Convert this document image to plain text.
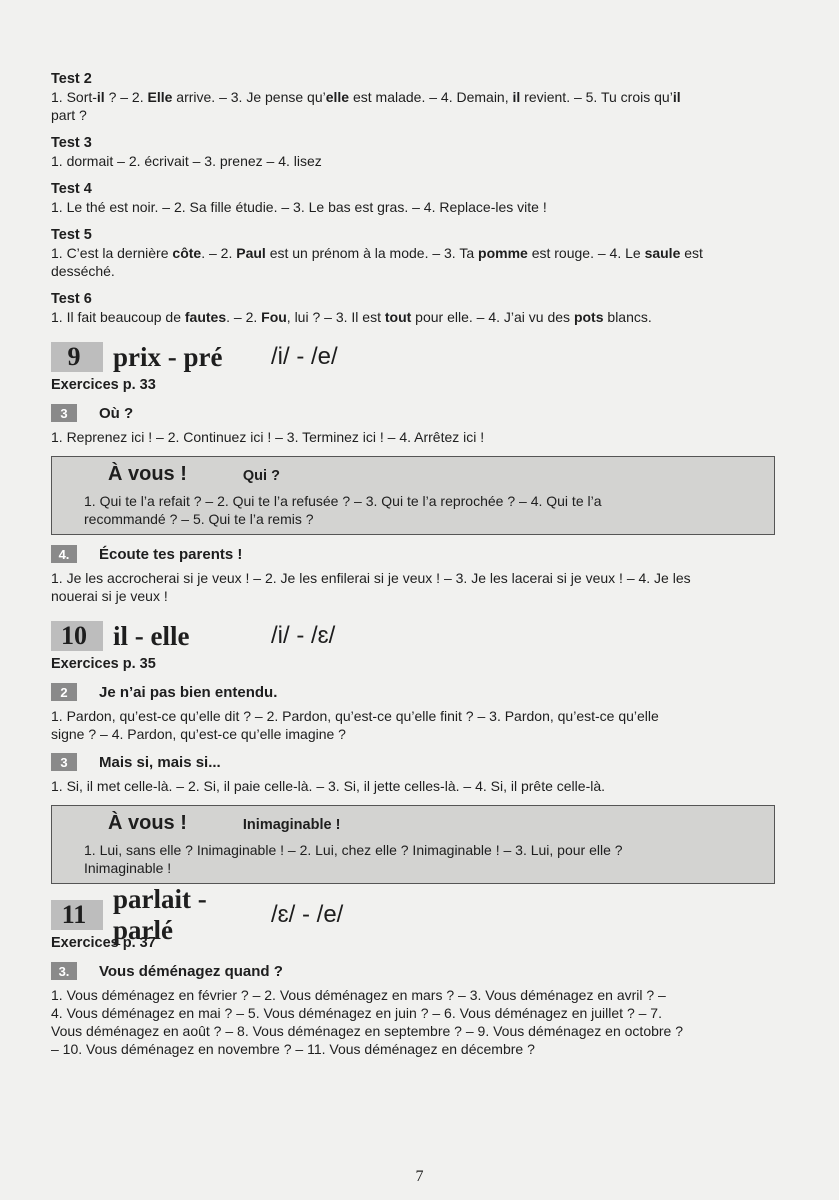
Test 2
1. Sort-il ? – 2. Elle arrive. – 3. Je pense qu’elle est malade. – 4. Demain, il revient. – 5. Tu crois qu’il
part ?
Test 3
1. dormait – 2. écrivait – 3. prenez – 4. lisez
Test 4
1. Le thé est noir. – 2. Sa fille étudie. – 3. Le bas est gras. – 4. Replace-les vite !
Test 5
1. C’est la dernière côte. – 2. Paul est un prénom à la mode. – 3. Ta pomme est rouge. – 4. Le saule est
desséché.
Test 6
1. Il fait beaucoup de fautes. – 2. Fou, lui ? – 3. Il est tout pour elle. – 4. J’ai vu des pots blancs.
9	prix - pré	/i/ - /e/
Exercices p. 33
3	Où ?
1. Reprenez ici ! – 2. Continuez ici ! – 3. Terminez ici ! – 4. Arrêtez ici !
À vous !	Qui ?
1. Qui te l’a refait ? – 2. Qui te l’a refusée ? – 3. Qui te l’a reprochée ? – 4. Qui te l’a
recommandé ? – 5. Qui te l’a remis ?
4.	Écoute tes parents !
1. Je les accrocherai si je veux ! – 2. Je les enfilerai si je veux ! – 3. Je les lacerai si je veux ! – 4. Je les
nouerai si je veux !
10 il - elle	/i/ - /ɛ/
Exercices p. 35
2	Je n’ai pas bien entendu.
1. Pardon, qu’est-ce qu’elle dit ? – 2. Pardon, qu’est-ce qu’elle finit ? – 3. Pardon, qu’est-ce qu’elle
signe ? – 4. Pardon, qu’est-ce qu’elle imagine ?
3	Mais si, mais si...
1. Si, il met celle-là. – 2. Si, il paie celle-là. – 3. Si, il jette celles-là. – 4. Si, il prête celle-là.
À vous !	Inimaginable !
1. Lui, sans elle ? Inimaginable ! – 2. Lui, chez elle ? Inimaginable ! – 3. Lui, pour elle ?
Inimaginable !
11
parlait - parlé
/ɛ/ - /e/
Exercices p. 37
3.	Vous déménagez quand ?
1. Vous déménagez en février ? – 2. Vous déménagez en mars ? – 3. Vous déménagez en avril ? –
4. Vous déménagez en mai ? – 5. Vous déménagez en juin ? – 6. Vous déménagez en juillet ? – 7.
Vous déménagez en août ? – 8. Vous déménagez en septembre ? – 9. Vous déménagez en octobre ?
– 10. Vous déménagez en novembre ? – 11. Vous déménagez en décembre ?
7
